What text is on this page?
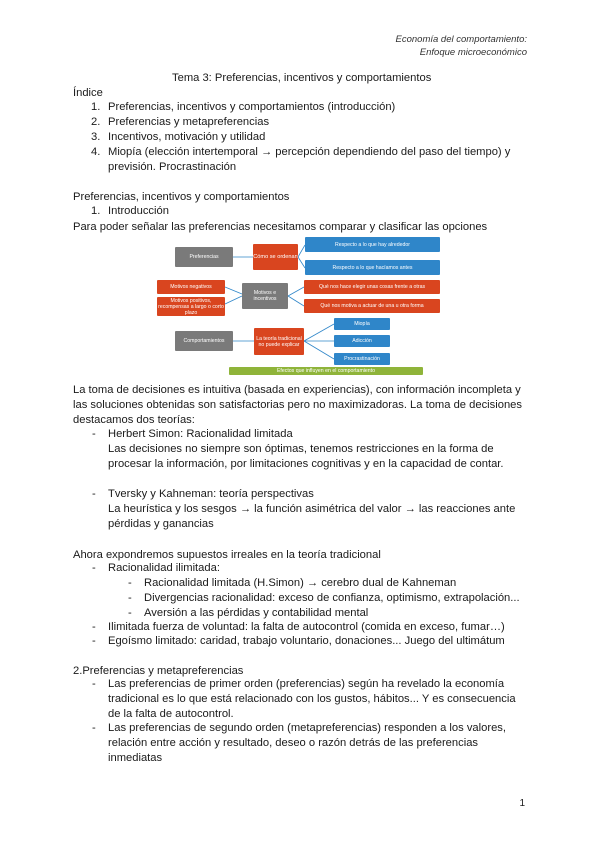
Economía del comportamiento:
Enfoque microeconómico
Tema 3: Preferencias, incentivos y comportamientos
Índice
1. Preferencias, incentivos y comportamientos (introducción)
2. Preferencias y metapreferencias
3. Incentivos, motivación y utilidad
4. Miopía (elección intertemporal → percepción dependiendo del paso del tiempo) y
previsión. Procrastinación
Preferencias, incentivos y comportamientos
1. Introducción
Para poder señalar las preferencias necesitamos comparar y clasificar las opciones
Preferencias	Cómo se ordenan
Respecto a lo que hay alrededor
Respecto a lo que hacíamos antes
Motivos negativos
Motivos positivos, recompensas a largo o corto plazo
Motivos e incentivos
Qué nos hace elegir unas cosas frente a otras
Qué nos motiva a actuar de una u otra forma
Comportamientos	La teoría tradicional no puede explicar
Miopía
Adicción
Procrastinación
Efectos que influyen en el comportamiento
La toma de decisiones es intuitiva (basada en experiencias), con información incompleta y
las soluciones obtenidas son satisfactorias pero no maximizadoras. La toma de decisiones
destacamos dos teorías:
- Herbert Simon: Racionalidad limitada
Las decisiones no siempre son óptimas, tenemos restricciones en la forma de
procesar la información, por limitaciones cognitivas y en la capacidad de contar.
- Tversky y Kahneman: teoría perspectivas
La heurística y los sesgos → la función asimétrica del valor → las reacciones ante
pérdidas y ganancias
Ahora expondremos supuestos irreales en la teoría tradicional
- Racionalidad ilimitada:
- Racionalidad limitada (H.Simon) → cerebro dual de Kahneman
- Divergencias racionalidad: exceso de confianza, optimismo, extrapolación...
- Aversión a las pérdidas y contabilidad mental
- Ilimitada fuerza de voluntad: la falta de autocontrol (comida en exceso, fumar…)
- Egoísmo limitado: caridad, trabajo voluntario, donaciones... Juego del ultimátum
2.Preferencias y metapreferencias
- Las preferencias de primer orden (preferencias) según ha revelado la economía
tradicional es lo que está relacionado con los gustos, hábitos... Y es consecuencia
de la falta de autocontrol.
- Las preferencias de segundo orden (metapreferencias) responden a los valores,
relación entre acción y resultado, deseo o razón detrás de las preferencias
inmediatas
1
